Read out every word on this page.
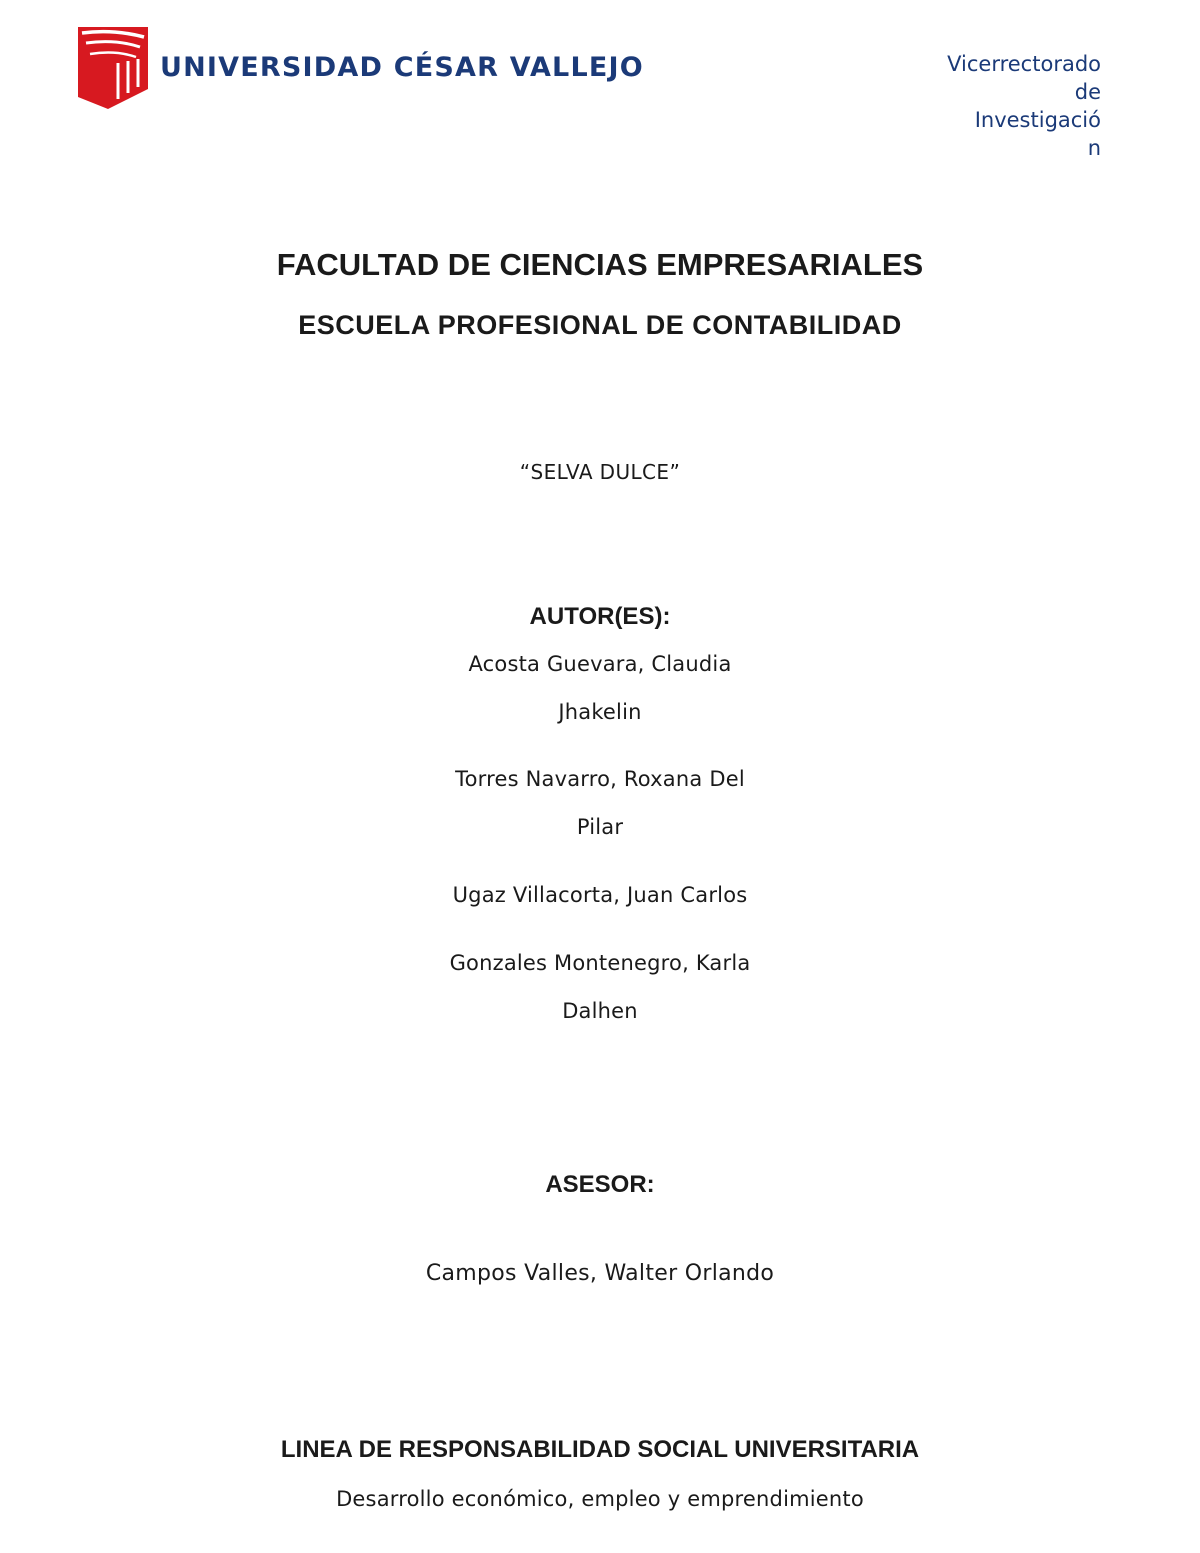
UNIVERSIDAD CÉSAR VALLEJO	Vicerrectorado
de
Investigació
n
FACULTAD DE CIENCIAS EMPRESARIALES
ESCUELA PROFESIONAL DE CONTABILIDAD
“SELVA DULCE”
AUTOR(ES):
Acosta Guevara, Claudia
Jhakelin
Torres Navarro, Roxana Del
Pilar
Ugaz Villacorta, Juan Carlos
Gonzales Montenegro, Karla
Dalhen
ASESOR:
Campos Valles, Walter Orlando
LINEA DE RESPONSABILIDAD SOCIAL UNIVERSITARIA
Desarrollo económico, empleo y emprendimiento
